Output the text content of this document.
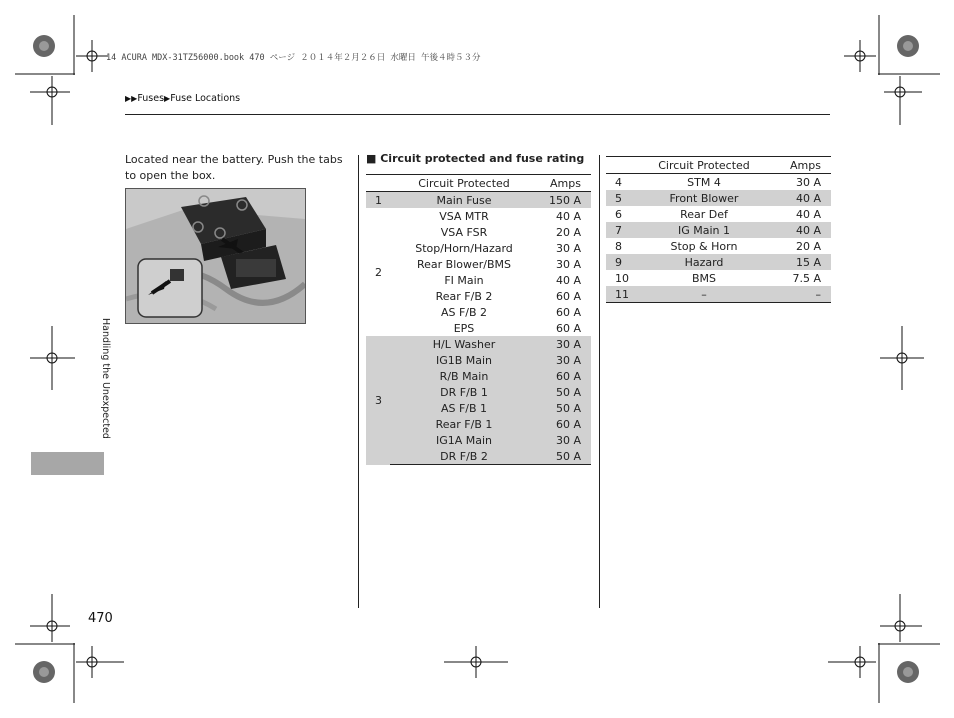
14 ACURA MDX-31TZ56000.book 470 ページ ２０１４年２月２６日 水曜日 午後４時５３分
▶▶Fuses▶Fuse Locations
Located near the battery. Push the tabs to open the box.
Handling the Unexpected
470
■ Circuit protected and fuse rating
	Circuit Protected	Amps
1	Main Fuse	150 A
2	VSA MTR	40 A
	VSA FSR	20 A
	Stop/Horn/Hazard	30 A
	Rear Blower/BMS	30 A
	FI Main	40 A
	Rear F/B 2	60 A
	AS F/B 2	60 A
	EPS	60 A
3	H/L Washer	30 A
	IG1B Main	30 A
	R/B Main	60 A
	DR F/B 1	50 A
	AS F/B 1	50 A
	Rear F/B 1	60 A
	IG1A Main	30 A
	DR F/B 2	50 A
	Circuit Protected	Amps
4	STM 4	30 A
5	Front Blower	40 A
6	Rear Def	40 A
7	IG Main 1	40 A
8	Stop & Horn	20 A
9	Hazard	15 A
10	BMS	7.5 A
11	–	–
